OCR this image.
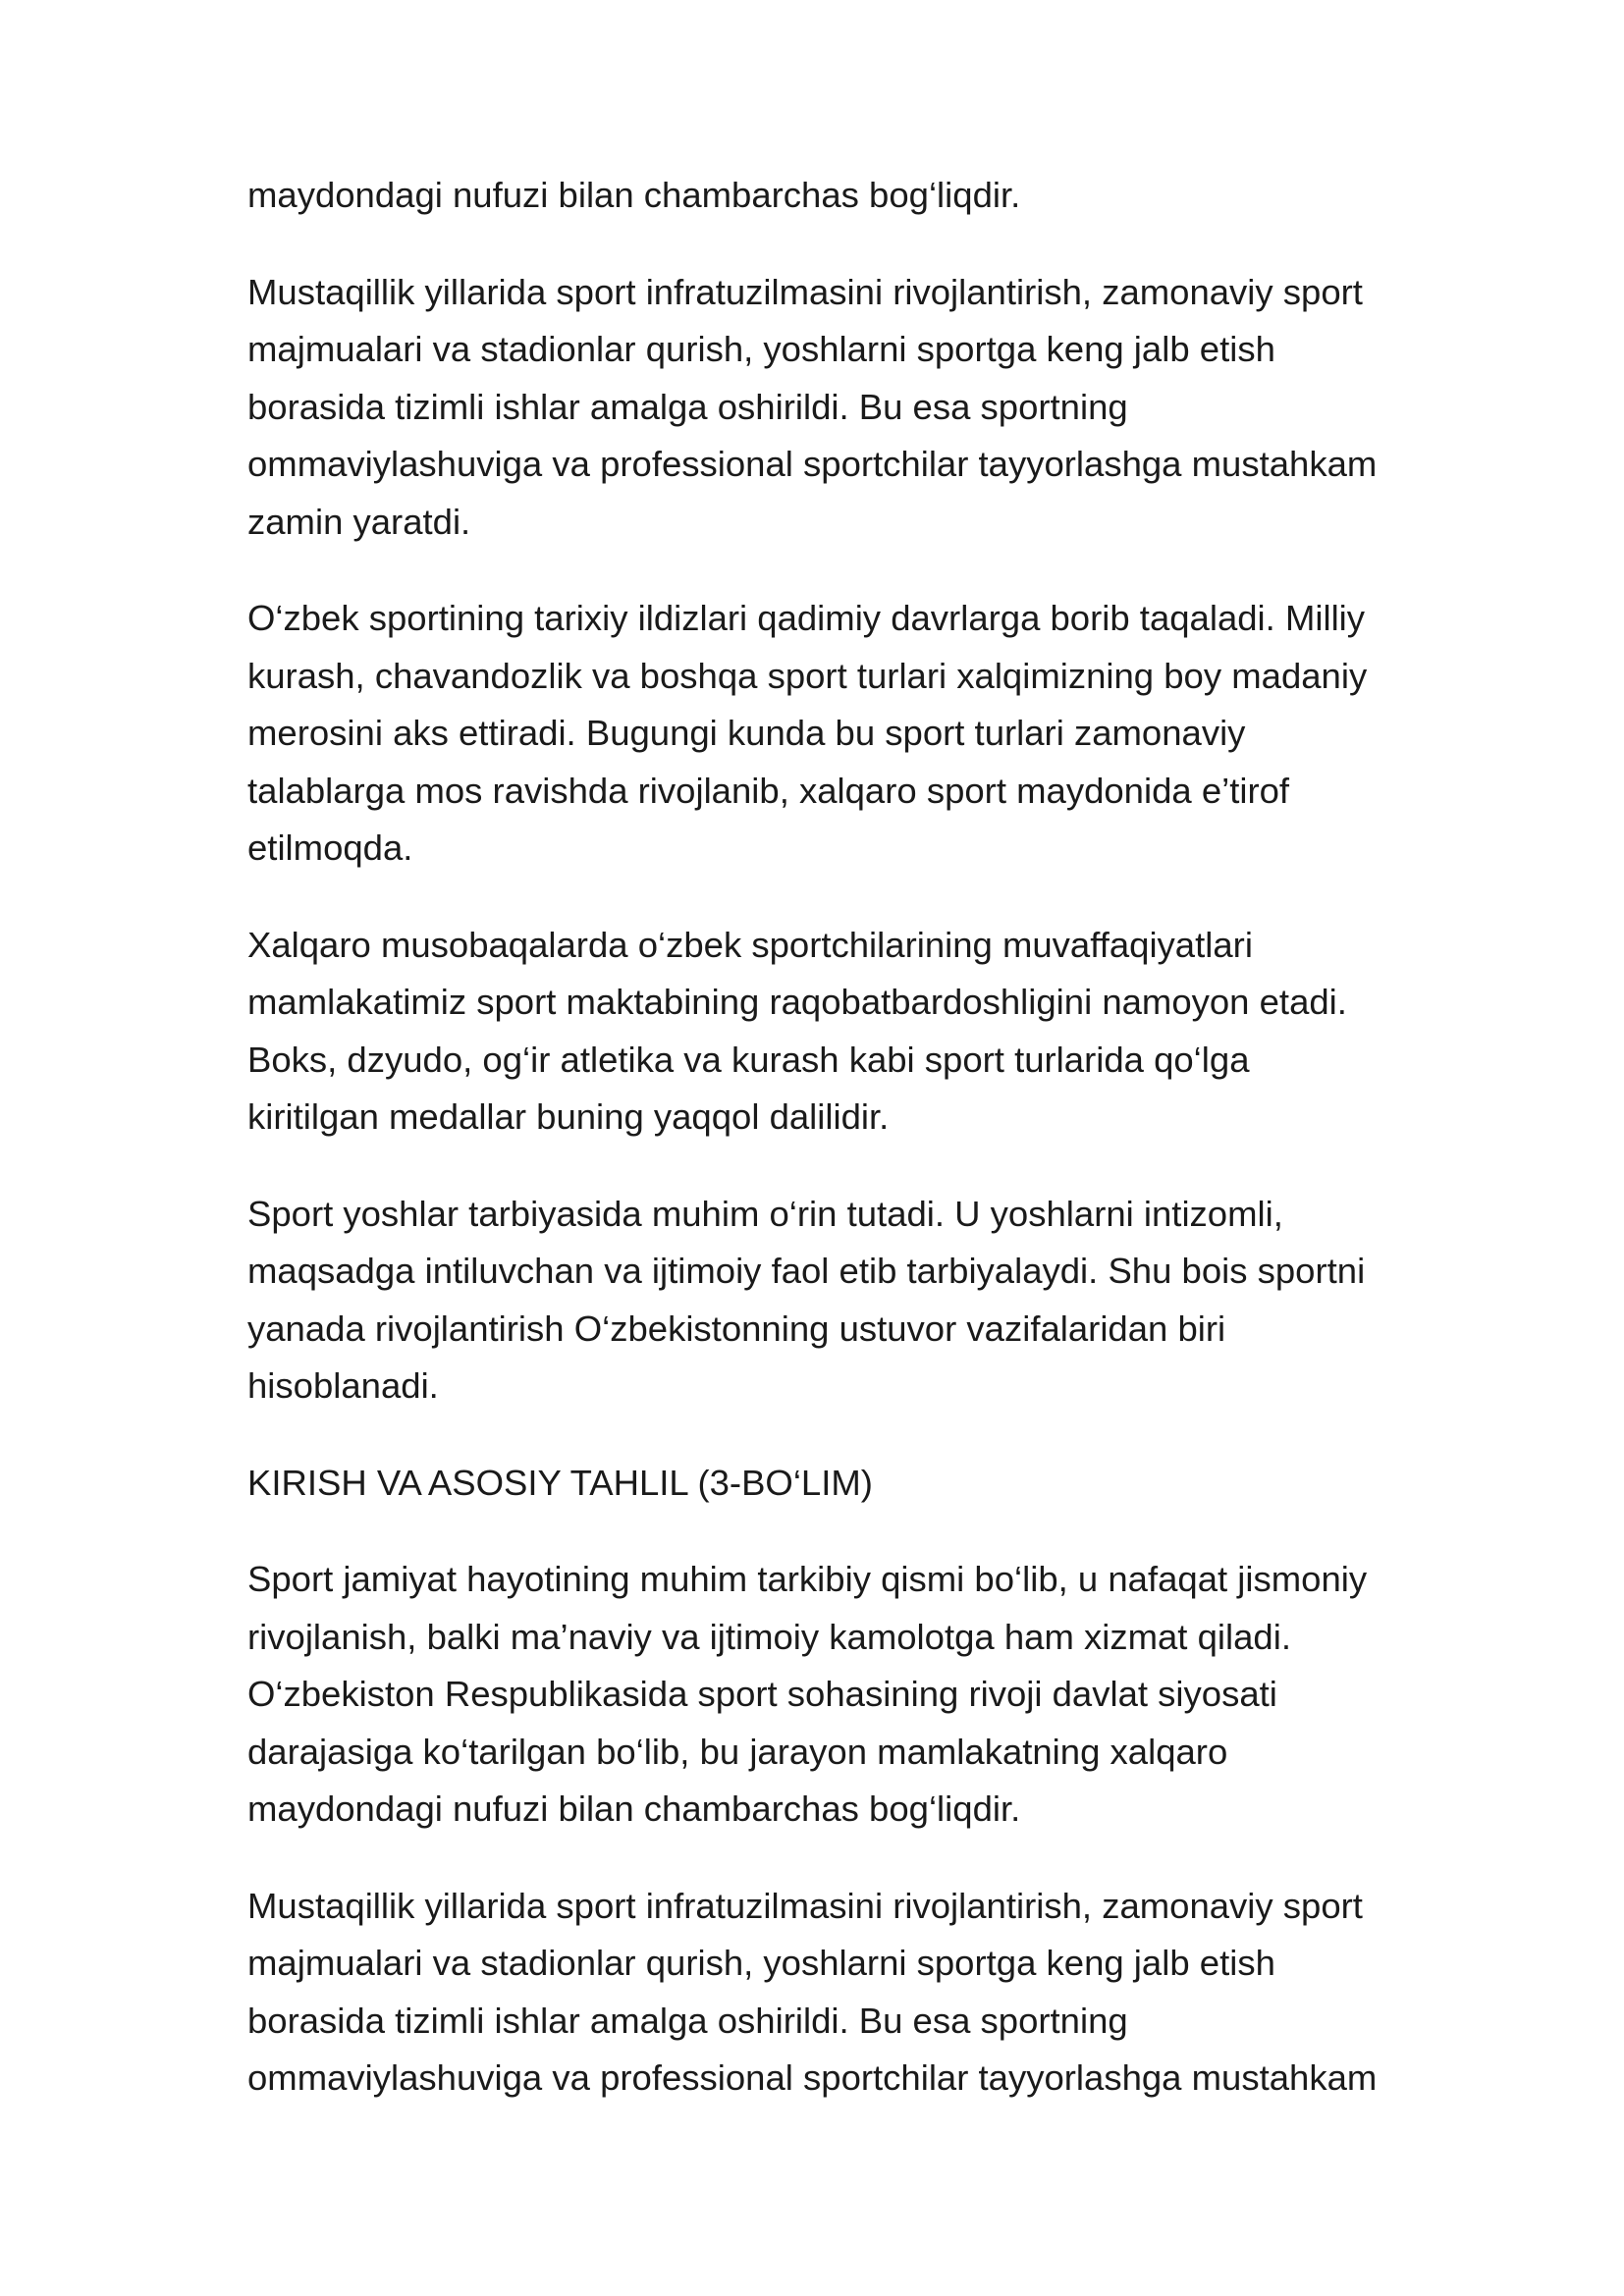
maydondagi nufuzi bilan chambarchas bog‘liqdir.

Mustaqillik yillarida sport infratuzilmasini rivojlantirish, zamonaviy sport
majmualari va stadionlar qurish, yoshlarni sportga keng jalb etish
borasida tizimli ishlar amalga oshirildi. Bu esa sportning
ommaviylashuviga va professional sportchilar tayyorlashga mustahkam
zamin yaratdi.

O‘zbek sportining tarixiy ildizlari qadimiy davrlarga borib taqaladi. Milliy
kurash, chavandozlik va boshqa sport turlari xalqimizning boy madaniy
merosini aks ettiradi. Bugungi kunda bu sport turlari zamonaviy
talablarga mos ravishda rivojlanib, xalqaro sport maydonida e’tirof
etilmoqda.

Xalqaro musobaqalarda o‘zbek sportchilarining muvaffaqiyatlari
mamlakatimiz sport maktabining raqobatbardoshligini namoyon etadi.
Boks, dzyudo, og‘ir atletika va kurash kabi sport turlarida qo‘lga
kiritilgan medallar buning yaqqol dalilidir.

Sport yoshlar tarbiyasida muhim o‘rin tutadi. U yoshlarni intizomli,
maqsadga intiluvchan va ijtimoiy faol etib tarbiyalaydi. Shu bois sportni
yanada rivojlantirish O‘zbekistonning ustuvor vazifalaridan biri
hisoblanadi.

KIRISH VA ASOSIY TAHLIL (3-BO‘LIM)

Sport jamiyat hayotining muhim tarkibiy qismi bo‘lib, u nafaqat jismoniy
rivojlanish, balki ma’naviy va ijtimoiy kamolotga ham xizmat qiladi.
O‘zbekiston Respublikasida sport sohasining rivoji davlat siyosati
darajasiga ko‘tarilgan bo‘lib, bu jarayon mamlakatning xalqaro
maydondagi nufuzi bilan chambarchas bog‘liqdir.

Mustaqillik yillarida sport infratuzilmasini rivojlantirish, zamonaviy sport
majmualari va stadionlar qurish, yoshlarni sportga keng jalb etish
borasida tizimli ishlar amalga oshirildi. Bu esa sportning
ommaviylashuviga va professional sportchilar tayyorlashga mustahkam
